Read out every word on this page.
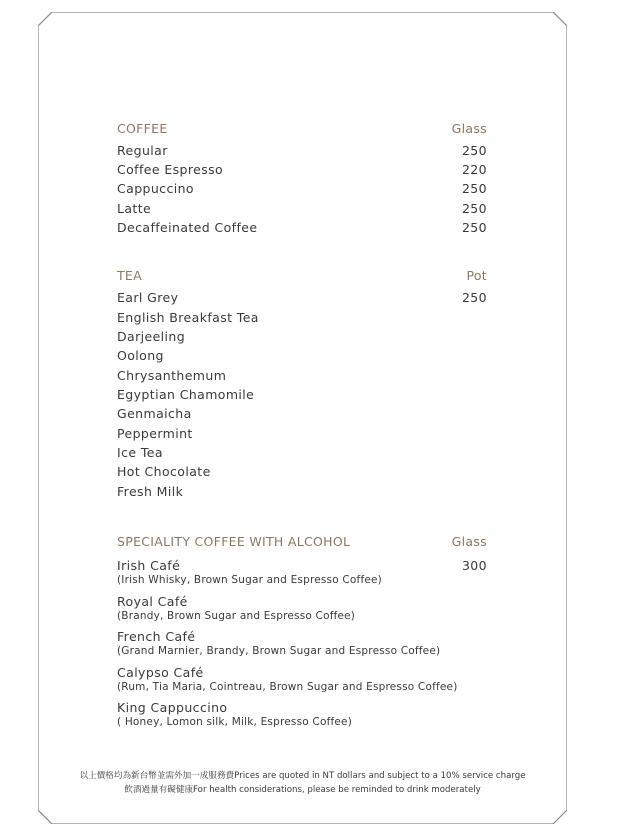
COFFEE	Glass
Regular	250
Coffee Espresso	220
Cappuccino	250
Latte	250
Decaffeinated Coffee	250
TEA	Pot
Earl Grey	250
English Breakfast Tea
Darjeeling
Oolong
Chrysanthemum
Egyptian Chamomile
Genmaicha
Peppermint
Ice Tea
Hot Chocolate
Fresh Milk
SPECIALITY COFFEE WITH ALCOHOL	Glass
Irish Café	300
(Irish Whisky, Brown Sugar and Espresso Coffee)
Royal Café
(Brandy, Brown Sugar and Espresso Coffee)
French Café
(Grand Marnier, Brandy, Brown Sugar and Espresso Coffee)
Calypso Café
(Rum, Tia Maria, Cointreau, Brown Sugar and Espresso Coffee)
King Cappuccino
( Honey, Lomon silk, Milk, Espresso Coffee)
以上價格均為新台幣並需外加一成服務費Prices are quoted in NT dollars and subject to a 10% service charge
飲酒過量有礙健康For health considerations, please be reminded to drink moderately
